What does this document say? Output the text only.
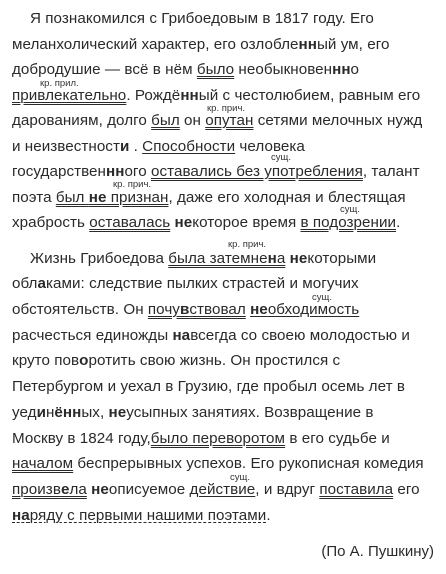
Я познакомился с Грибоедовым в 1817 году. Его
меланхолический характер, его озлобленный ум, его
добродушие — всё в нём было необыкновеннно
кр. прил.
привлекательно. Рождённый с честолюбием, равным его
кр. прич.
дарованиям, долго был он опутан сетями мелочных нужд
и неизвестности . Способности человека
сущ.
государственнного оставались без употребления, талант
кр. прич.
поэта был не признан, даже его холодная и блестящая
сущ.
храбрость оставалась некоторое время в подозрении.
кр. прич.
Жизнь Грибоедова была затемнена некоторыми
облаками: следствие пылких страстей и могучих
сущ.
обстоятельств. Он почувствовал необходимость
расчесться единожды навсегда со своею молодостью и
круто поворотить свою жизнь. Он простился с
Петербургом и уехал в Грузию, где пробыл осемь лет в
уединённых, неусыпных занятиях. Возвращение в
Москву в 1824 году,было переворотом в его судьбе и
началом беспрерывных успехов. Его рукописная комедия
сущ.
произвела неописуемое действие, и вдруг поставила его
наряду с первыми нашими поэтами.
(По А. Пушкину)
